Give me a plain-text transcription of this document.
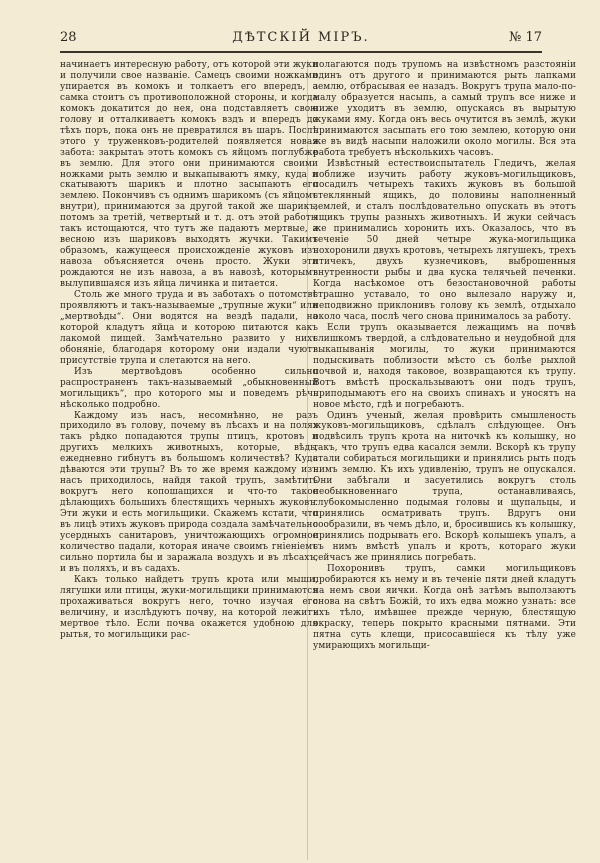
28	ДѢТСКІЙ МІРЪ.	№ 17

начинаетъ интересную работу, отъ которой эти жуки и получили свое названіе. Самецъ своими ножками упирается въ комокъ и толкаетъ его впередъ, а самка стоитъ съ противоположной стороны, и когда комокъ докатится до нея, она подставляетъ свою голову и отталкиваетъ комокъ вздъ и впередъ до тѣхъ поръ, пока онъ не превратился въ шаръ. Послѣ этого у труженковъ-родителей появляется новая забота: закрытаъ этотъ комокъ съ яйцомъ поглубже въ землю. Для этого они принимаются своими ножками рыть землю и выкапываютъ ямку, куда и скатываютъ шарикъ и плотно засыпаютъ его землею. Покончивъ съ однимъ шарикомъ (съ яйцомъ внутри), принимаются за другой такой же шарикъ, потомъ за третій, четвертый и т. д. отъ этой работы такъ истощаются, что тутъ же падаютъ мертвые, а весною изъ шариковъ выходятъ жучки. Такимъ образомъ, кажущееся происхожденіе жуковъ изъ навоза объясняется очень просто. Жуки эти рождаются не изъ навоза, а въ навозѣ, которымъ вылупившаяся изъ яйца личинка и питается.

Столь же много труда и въ заботахъ о потомствѣ проявляютъ и такъ-называемые „трупные жуки“ или „мертвоѣды“. Они водятся на вездѣ падали, на которой кладутъ яйца и которою питаются какъ лакомой пищей. Замѣчательно развито у нихъ обоняніе, благодаря которому они издали чуютъ присутствіе трупа и слетаются на него.

Изъ мертвоѣдовъ особенно сильно распространенъ такъ-называемый „обыкновенный могильщикъ“, про которого мы и поведемъ рѣчь нѣсколько подробно.

Каждому изъ насъ, несомнѣнно, не разъ приходило въ голову, почему въ лѣсахъ и на полях такъ рѣдко попадаются трупы птицъ, кротовъ и другихъ мелкихъ животныхъ, которые, вѣдь, ежедневно гибнутъ въ большомъ количествѣ? Куда дѣваются эти трупы? Въ то же время каждому изъ насъ приходилось, найдя такой трупъ, замѣтить вокругъ него копошащихся и что-то такое дѣлающихъ большихъ блестящихъ черныхъ жуковъ. Эти жуки и есть могильщики. Скажемъ кстати, что въ лицѣ этихъ жуковъ природа создала замѣчательно усердныхъ санитаровъ, уничтожающихъ огромное количество падали, которая иначе своимъ гніеніемъ сильно портила бы и заражала воздухъ и въ лѣсахъ, и въ поляхъ, и въ садахъ.

Какъ только найдетъ трупъ крота или мыши, лягушки или птицы, жуки-могильщики принимаются прохаживаться вокругъ него, точно изучая его величину, и изслѣдуютъ почву, на которой лежитъ мертвое тѣло. Если почва окажется удобною для рытья, то могильщики рас-

полагаются подъ трупомъ на извѣстномъ разстояніи одинъ отъ другого и принимаются рыть лапками землю, отбрасывая ее назадъ. Вокругъ трупа мало-по-малу образуется насыпь, а самый трупъ все ниже и ниже уходитъ въ землю, опускаясь въ вырытую жуками яму. Когда онъ весь очутится въ землѣ, жуки принимаются засыпать его тою землею, которую они же въ видѣ насыпи наложили около могилы. Вся эта работа требуетъ нѣсколькихъ часовъ.

Извѣстный естествоиспытатель Гледичъ, желая поближе изучить работу жуковъ-могильщиковъ, посадилъ четырехъ такихъ жуковъ въ большой стеклянный ящикъ, до половины наполненный землей, и сталъ послѣдовательно опускать въ этотъ ящикъ трупы разныхъ животныхъ. И жуки сейчасъ же принимались хоронить ихъ. Оказалось, что въ теченіе 50 дней четыре жука-могильщика похоронили двухъ кротовъ, четырехъ лягушекъ, трехъ птичекъ, двухъ кузнечиковъ, выброшенныя внутренности рыбы и два куска телячьей печенки. Когда насѣкомое отъ безостановочной работы страшно уставало, то оно вылезало наружу и, неподвижно приклонивъ голову къ землѣ, отдыхало около часа, послѣ чего снова принималось за работу.

Если трупъ оказывается лежащимъ на почвѣ слишкомъ твердой, а слѣдовательно и неудобной для выкапыванія могилы, то жуки принимаются подыскивать поблизости мѣсто съ болѣе рыхлой почвой и, находя таковое, возвращаются къ трупу. Вотъ вмѣстѣ проскальзываютъ они подъ трупъ, приподымаютъ его на своихъ спинахъ и уносятъ на новое мѣсто, гдѣ и погребаютъ.

Одинъ ученый, желая провѣрить смышленость жуковъ-могильщиковъ, сдѣлалъ слѣдующее. Онъ подвѣсилъ трупъ крота на ниточкѣ къ колышку, но такъ, что трупъ едва касался земли. Вскорѣ къ трупу стали собираться могильщики и принялись рыть подъ нимъ землю. Къ ихъ удивленію, трупъ не опускался. Они забѣгали и засуетились вокругъ столь необыкновеннаго трупа, останавливаясь, глубокомысленно подымая головы и щупальцы, и принялись осматривать трупъ. Вдругъ они сообразили, въ чемъ дѣло, и, бросившись къ колышку, принялись подрывать его. Вскорѣ колышекъ упалъ, а съ нимъ вмѣстѣ упалъ и кротъ, котораго жуки сейчасъ же принялись погребать.

Похоронивъ трупъ, самки могильщиковъ пробираются къ нему и въ теченіе пяти дней кладутъ на немъ свои яички. Когда онѣ затѣмъ выползаютъ снова на свѣтъ Божій, то ихъ едва можно узнать: все ихъ тѣло, имѣвшее прежде черную, блестящую окраску, теперь покрыто красными пятнами. Эти пятна суть клещи, присосавшіеся къ тѣлу уже умирающихъ могильщи-
